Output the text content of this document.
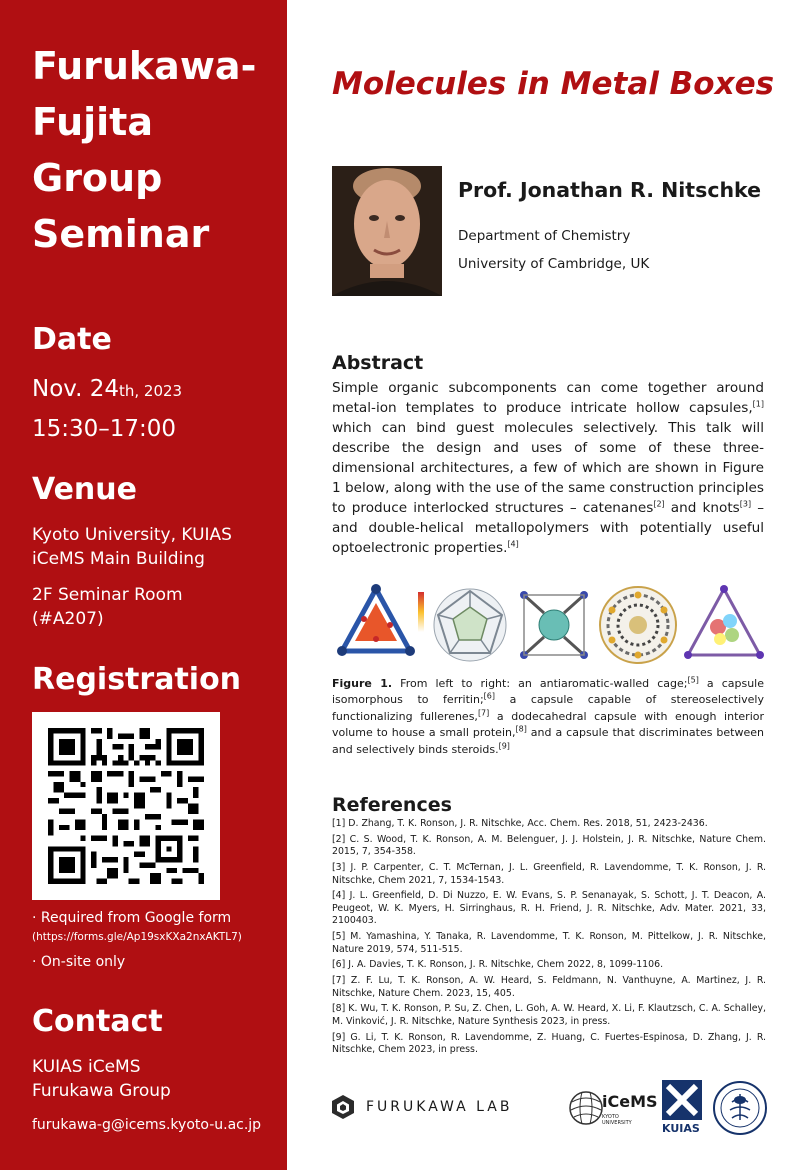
Furukawa-
Fujita
Group
Seminar
Date
Nov. 24th, 2023
15:30–17:00
Venue
Kyoto University, KUIAS
iCeMS Main Building
2F Seminar Room
(#A207)
Registration
· Required from Google form
(https://forms.gle/Ap19sxKXa2nxAKTL7)
· On-site only
Contact
KUIAS iCeMS
Furukawa Group
furukawa-g@icems.kyoto-u.ac.jp
Molecules in Metal Boxes
Prof. Jonathan R. Nitschke
Department of Chemistry
University of Cambridge, UK
Abstract
Simple organic subcomponents can come together around metal-ion templates to produce intricate hollow capsules,[1] which can bind guest molecules selectively. This talk will describe the design and uses of some of these three-dimensional architectures, a few of which are shown in Figure 1 below, along with the use of the same construction principles to produce interlocked structures – catenanes[2] and knots[3] – and double-helical metallopolymers with potentially useful optoelectronic properties.[4]
Figure 1. From left to right: an antiaromatic-walled cage;[5] a capsule isomorphous to ferritin;[6] a capsule capable of stereoselectively functionalizing fullerenes,[7] a dodecahedral capsule with enough interior volume to house a small protein,[8] and a capsule that discriminates between and selectively binds steroids.[9]
References
[1] D. Zhang, T. K. Ronson, J. R. Nitschke, Acc. Chem. Res. 2018, 51, 2423-2436.
[2] C. S. Wood, T. K. Ronson, A. M. Belenguer, J. J. Holstein, J. R. Nitschke, Nature Chem. 2015, 7, 354-358.
[3] J. P. Carpenter, C. T. McTernan, J. L. Greenfield, R. Lavendomme, T. K. Ronson, J. R. Nitschke, Chem 2021, 7, 1534-1543.
[4] J. L. Greenfield, D. Di Nuzzo, E. W. Evans, S. P. Senanayak, S. Schott, J. T. Deacon, A. Peugeot, W. K. Myers, H. Sirringhaus, R. H. Friend, J. R. Nitschke, Adv. Mater. 2021, 33, 2100403.
[5] M. Yamashina, Y. Tanaka, R. Lavendomme, T. K. Ronson, M. Pittelkow, J. R. Nitschke, Nature 2019, 574, 511-515.
[6] J. A. Davies, T. K. Ronson, J. R. Nitschke, Chem 2022, 8, 1099-1106.
[7] Z. F. Lu, T. K. Ronson, A. W. Heard, S. Feldmann, N. Vanthuyne, A. Martinez, J. R. Nitschke, Nature Chem. 2023, 15, 405.
[8] K. Wu, T. K. Ronson, P. Su, Z. Chen, L. Goh, A. W. Heard, X. Li, F. Klautzsch, C. A. Schalley, M. Vinković, J. R. Nitschke, Nature Synthesis 2023, in press.
[9] G. Li, T. K. Ronson, R. Lavendomme, Z. Huang, C. Fuertes-Espinosa, D. Zhang, J. R. Nitschke, Chem 2023, in press.
FURUKAWA LAB	iCeMS
KYOTO UNIVERSITY	KUIAS
